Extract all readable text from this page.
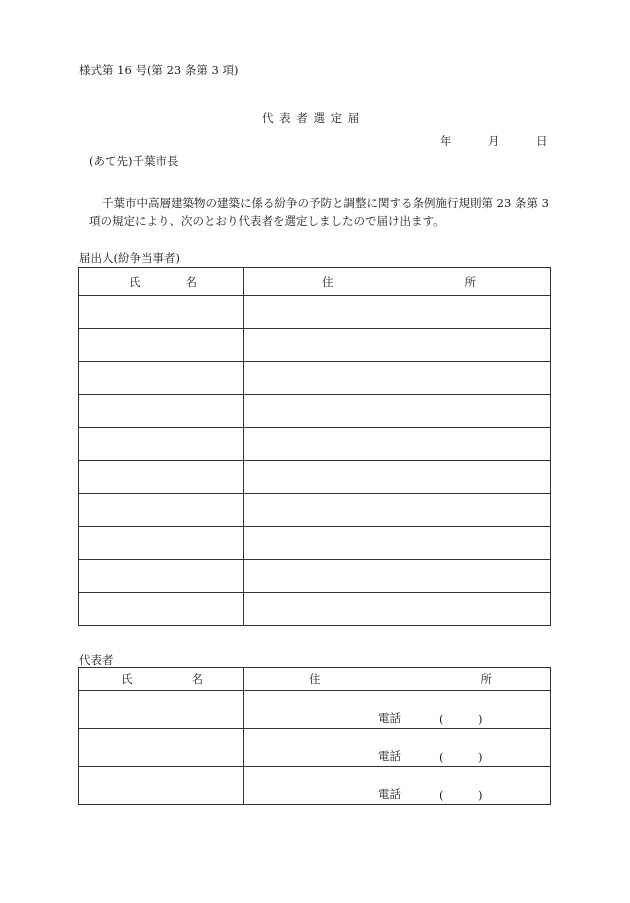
様式第 16 号(第 23 条第 3 項)
代 表 者 選 定 届
年	月	日
(あて先)千葉市長
千葉市中高層建築物の建築に係る紛争の予防と調整に関する条例施行規則第 23 条第 3
項の規定により、次のとおり代表者を選定しましたので届け出ます。
届出人(紛争当事者)
氏 名	住 所

代表者
氏 名	住 所

	電話 ( )

	電話 ( )

	電話 ( )
